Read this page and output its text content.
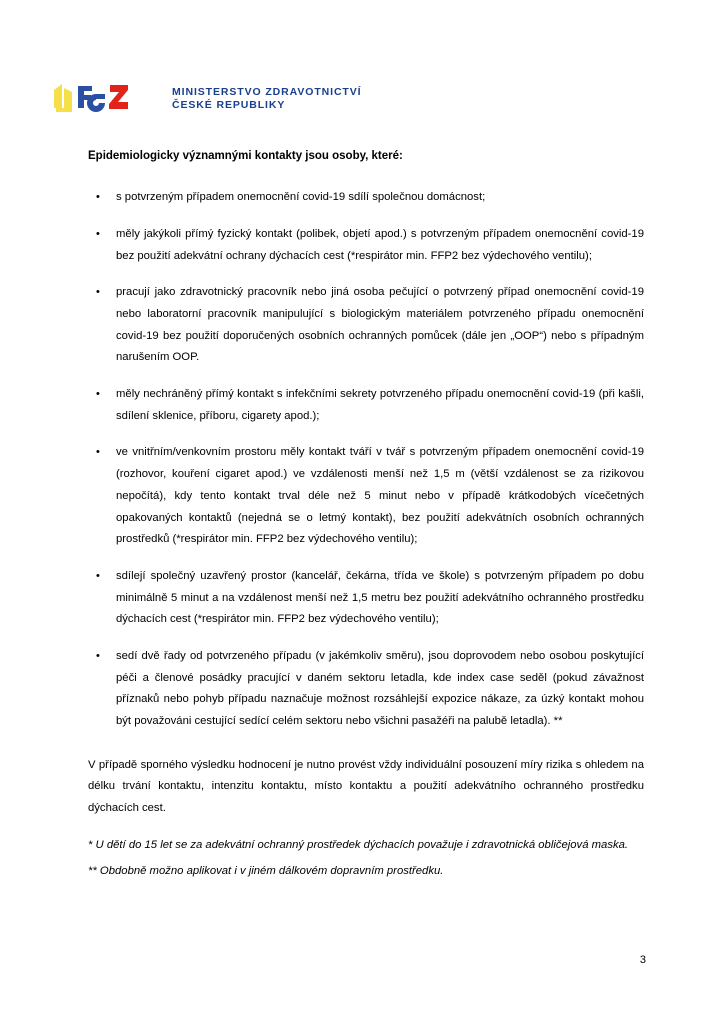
MINISTERSTVO ZDRAVOTNICTVÍ
ČESKÉ REPUBLIKY

Epidemiologicky významnými kontakty jsou osoby, které:

• s potvrzeným případem onemocnění covid-19 sdílí společnou domácnost;
• měly jakýkoli přímý fyzický kontakt (polibek, objetí apod.) s potvrzeným případem onemocnění covid-19 bez použití adekvátní ochrany dýchacích cest (*respirátor min. FFP2 bez výdechového ventilu);
• pracují jako zdravotnický pracovník nebo jiná osoba pečující o potvrzený případ onemocnění covid-19 nebo laboratorní pracovník manipulující s biologickým materiálem potvrzeného případu onemocnění covid-19 bez použití doporučených osobních ochranných pomůcek (dále jen „OOP“) nebo s případným narušením OOP.
• měly nechráněný přímý kontakt s infekčními sekrety potvrzeného případu onemocnění covid-19 (při kašli, sdílení sklenice, příboru, cigarety apod.);
• ve vnitřním/venkovním prostoru měly kontakt tváří v tvář s potvrzeným případem onemocnění covid-19 (rozhovor, kouření cigaret apod.) ve vzdálenosti menší než 1,5 m (větší vzdálenost se za rizikovou nepočítá), kdy tento kontakt trval déle než 5 minut nebo v případě krátkodobých vícečetných opakovaných kontaktů (nejedná se o letmý kontakt), bez použití adekvátních osobních ochranných prostředků (*respirátor min. FFP2 bez výdechového ventilu);
• sdílejí společný uzavřený prostor (kancelář, čekárna, třída ve škole) s potvrzeným případem po dobu minimálně 5 minut a na vzdálenost menší než 1,5 metru bez použití adekvátního ochranného prostředku dýchacích cest (*respirátor min. FFP2 bez výdechového ventilu);
• sedí dvě řady od potvrzeného případu (v jakémkoliv směru), jsou doprovodem nebo osobou poskytující péči a členové posádky pracující v daném sektoru letadla, kde index case seděl (pokud závažnost příznaků nebo pohyb případu naznačuje možnost rozsáhlejší expozice nákaze, za úzký kontakt mohou být považováni cestující sedící celém sektoru nebo všichni pasažéři na palubě letadla). **

V případě sporného výsledku hodnocení je nutno provést vždy individuální posouzení míry rizika s ohledem na délku trvání kontaktu, intenzitu kontaktu, místo kontaktu a použití adekvátního ochranného prostředku dýchacích cest.

* U dětí do 15 let se za adekvátní ochranný prostředek dýchacích považuje i zdravotnická obličejová maska.

** Obdobně možno aplikovat i v jiném dálkovém dopravním prostředku.

3
